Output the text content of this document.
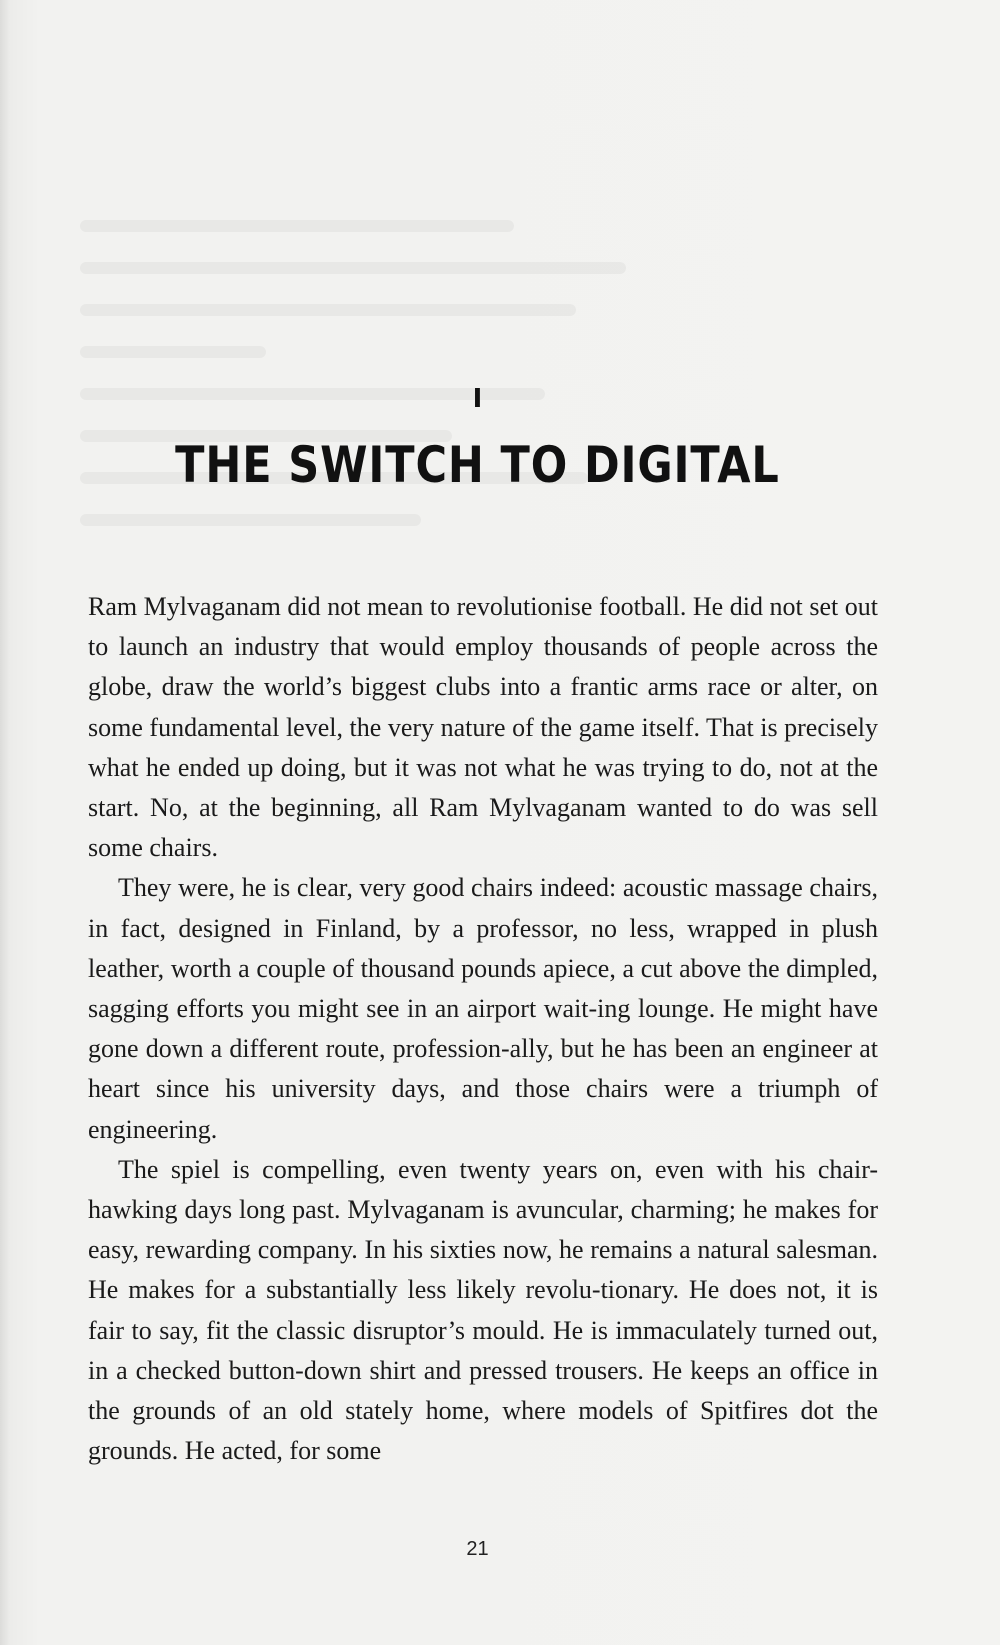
I
THE SWITCH TO DIGITAL

Ram Mylvaganam did not mean to revolutionise football. He did not set out to launch an industry that would employ thousands of people across the globe, draw the world’s biggest clubs into a frantic arms race or alter, on some fundamental level, the very nature of the game itself. That is precisely what he ended up doing, but it was not what he was trying to do, not at the start. No, at the beginning, all Ram Mylvaganam wanted to do was sell some chairs.

They were, he is clear, very good chairs indeed: acoustic massage chairs, in fact, designed in Finland, by a professor, no less, wrapped in plush leather, worth a couple of thousand pounds apiece, a cut above the dimpled, sagging efforts you might see in an airport wait-ing lounge. He might have gone down a different route, profession-ally, but he has been an engineer at heart since his university days, and those chairs were a triumph of engineering.

The spiel is compelling, even twenty years on, even with his chair-hawking days long past. Mylvaganam is avuncular, charming; he makes for easy, rewarding company. In his sixties now, he remains a natural salesman. He makes for a substantially less likely revolu-tionary. He does not, it is fair to say, fit the classic disruptor’s mould. He is immaculately turned out, in a checked button-down shirt and pressed trousers. He keeps an office in the grounds of an old stately home, where models of Spitfires dot the grounds. He acted, for some

21
